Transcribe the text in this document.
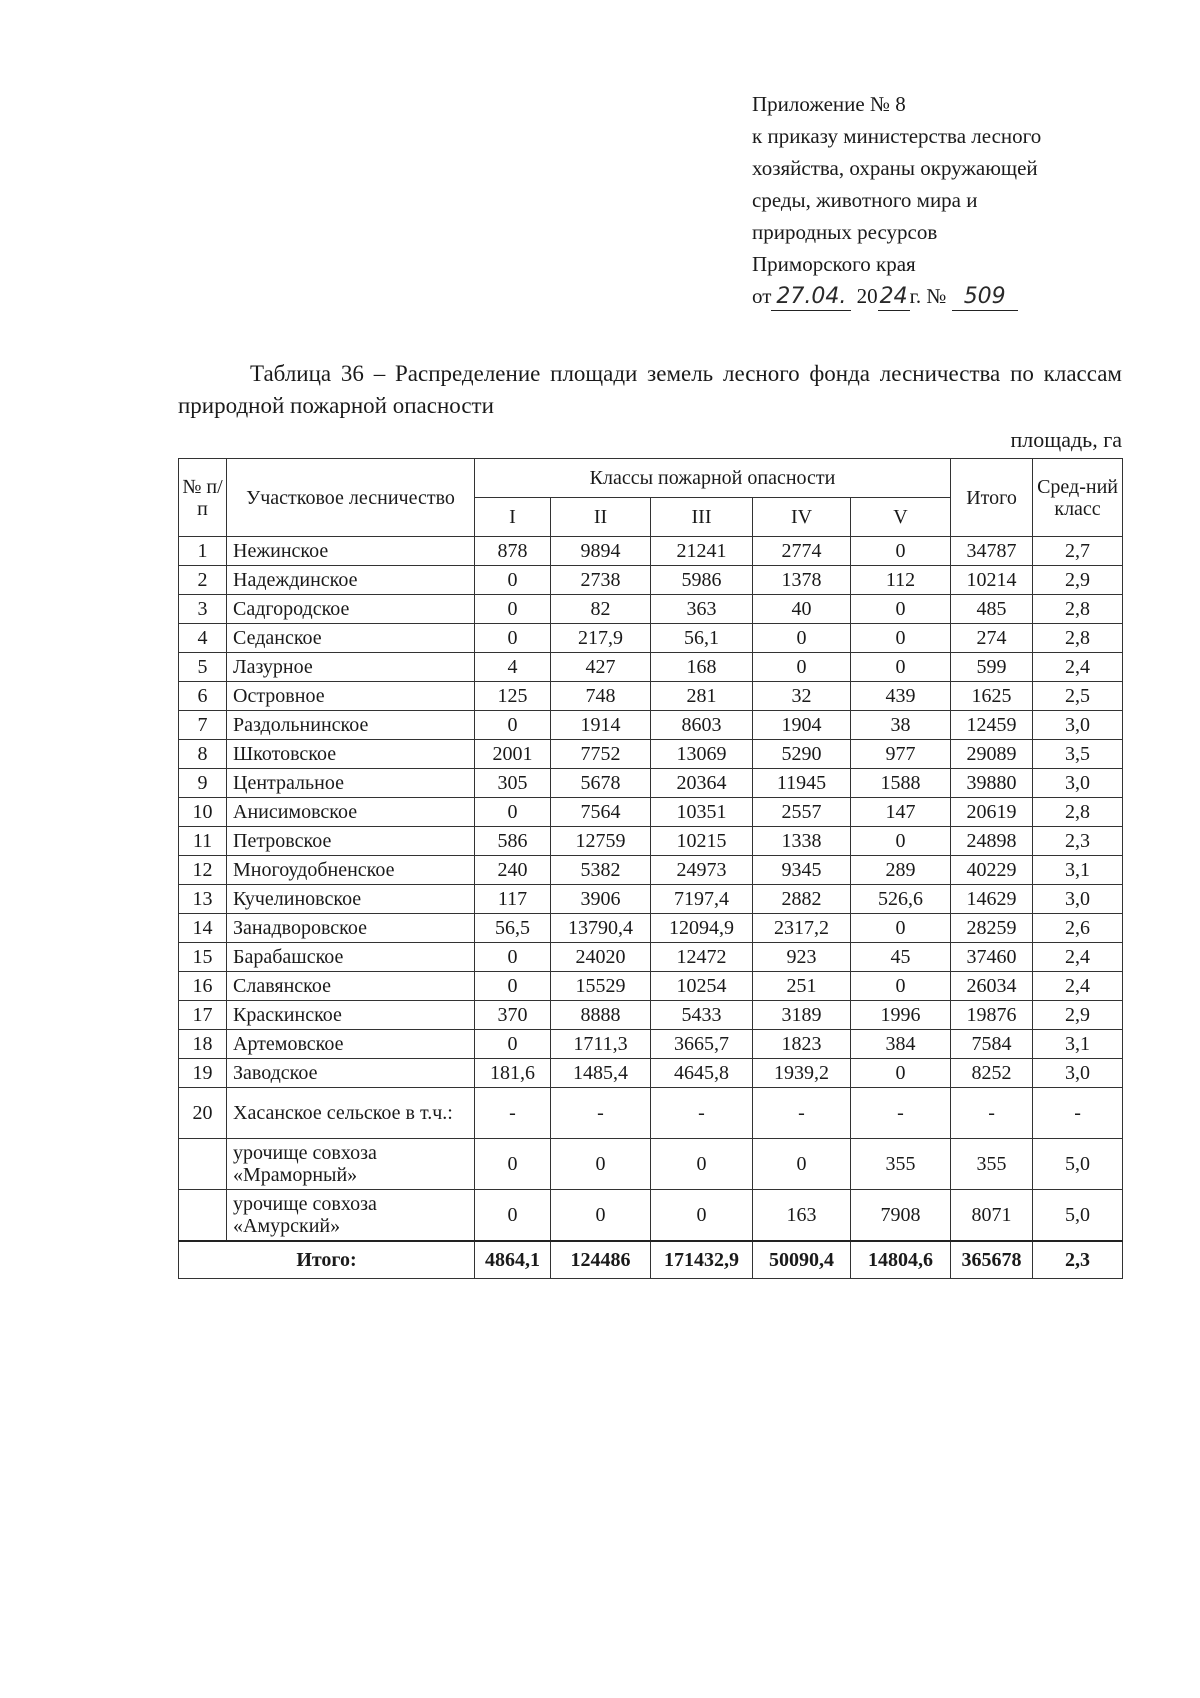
Приложение № 8
к приказу министерства лесного
хозяйства, охраны окружающей
среды, животного мира и
природных ресурсов
Приморского края
от 27.04. 2024г. № 509
Таблица 36 – Распределение площади земель лесного фонда лесничества по классам природной пожарной опасности
площадь, га
№ п/п	Участковое лесничество	Классы пожарной опасности					Итого	Сред-ний класс
		I	II	III	IV	V		
1	Нежинское	878	9894	21241	2774	0	34787	2,7
2	Надеждинское	0	2738	5986	1378	112	10214	2,9
3	Садгородское	0	82	363	40	0	485	2,8
4	Седанское	0	217,9	56,1	0	0	274	2,8
5	Лазурное	4	427	168	0	0	599	2,4
6	Островное	125	748	281	32	439	1625	2,5
7	Раздольнинское	0	1914	8603	1904	38	12459	3,0
8	Шкотовское	2001	7752	13069	5290	977	29089	3,5
9	Центральное	305	5678	20364	11945	1588	39880	3,0
10	Анисимовское	0	7564	10351	2557	147	20619	2,8
11	Петровское	586	12759	10215	1338	0	24898	2,3
12	Многоудобненское	240	5382	24973	9345	289	40229	3,1
13	Кучелиновское	117	3906	7197,4	2882	526,6	14629	3,0
14	Занадворовское	56,5	13790,4	12094,9	2317,2	0	28259	2,6
15	Барабашское	0	24020	12472	923	45	37460	2,4
16	Славянское	0	15529	10254	251	0	26034	2,4
17	Краскинское	370	8888	5433	3189	1996	19876	2,9
18	Артемовское	0	1711,3	3665,7	1823	384	7584	3,1
19	Заводское	181,6	1485,4	4645,8	1939,2	0	8252	3,0
20	Хасанское сельское в т.ч.:	-	-	-	-	-	-	-
	урочище совхоза «Мраморный»	0	0	0	0	355	355	5,0
	урочище совхоза «Амурский»	0	0	0	163	7908	8071	5,0
Итого:		4864,1	124486	171432,9	50090,4	14804,6	365678	2,3
